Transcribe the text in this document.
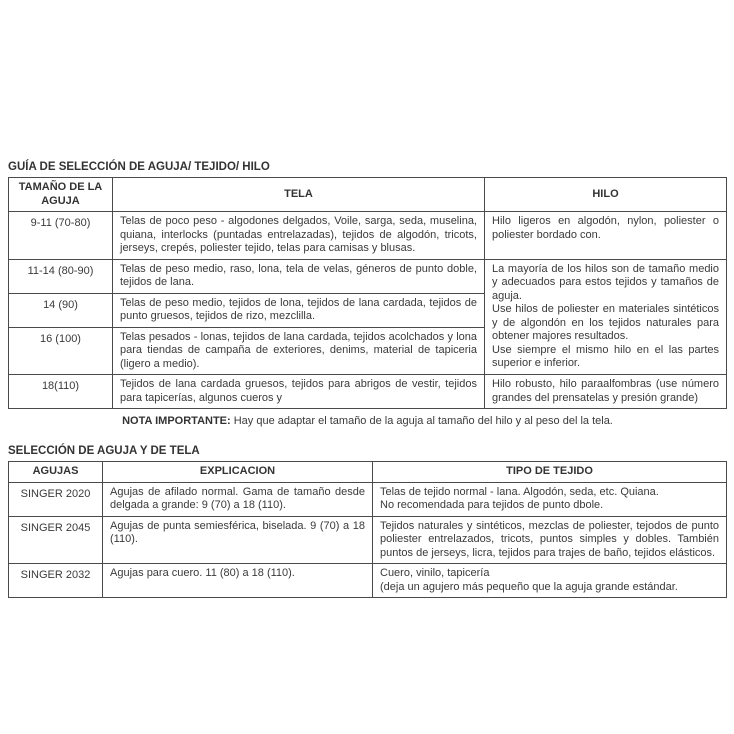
GUÍA DE SELECCIÓN DE AGUJA/ TEJIDO/ HILO
TAMAÑO DE LA AGUJA	TELA	HILO
9-11 (70-80)	Telas de poco peso - algodones delgados, Voile, sarga, seda, muselina, quiana, interlocks (puntadas entrelazadas), tejidos de algodón, tricots, jerseys, crepés, poliester tejido, telas para camisas y blusas.	Hilo ligeros en algodón, nylon, poliester o poliester bordado con.
11-14 (80-90)	Telas de peso medio, raso, lona, tela de velas, géneros de punto doble, tejidos de lana.	La mayoría de los hilos son de tamaño medio y adecuados para estos tejidos y tamaños de aguja.
Use hilos de poliester en materiales sintéticos y de algondón en los tejidos naturales para obtener majores resultados.
Use siempre el mismo hilo en el las partes superior e inferior.

14 (90)	Telas de peso medio, tejidos de lona, tejidos de lana cardada, tejidos de punto gruesos, tejidos de rizo, mezclilla.	
16 (100)	Telas pesados - lonas, tejidos de lana cardada, tejidos acolchados y lona para tiendas de campaña de exteriores, denims, material de tapiceria (ligero a medio).	
18(110)	Tejidos de lana cardada gruesos, tejidos para abrigos de vestir, tejidos para tapicerías, algunos cueros y	Hilo robusto, hilo paraalfombras (use número grandes del prensatelas y presión grande)
NOTA IMPORTANTE: Hay que adaptar el tamaño de la aguja al tamaño del hilo y al peso del la tela.
SELECCIÓN DE AGUJA Y DE TELA
AGUJAS	EXPLICACION	TIPO DE TEJIDO
SINGER 2020	Agujas de afilado normal. Gama de tamaño desde delgada a grande: 9 (70) a 18 (110).	Telas de tejido normal - lana. Algodón, seda, etc. Quiana.
No recomendada para tejidos de punto dbole.

SINGER 2045	Agujas de punta semiesférica, biselada. 9 (70) a 18 (110).	Tejidos naturales y sintéticos, mezclas de poliester, tejodos de punto poliester entrelazados, tricots, puntos simples y dobles. También puntos de jerseys, licra, tejidos para trajes de baño, tejidos elásticos.

SINGER 2032	Agujas para cuero. 11 (80) a 18 (110).	Cuero, vinilo, tapicería
(deja un agujero más pequeño que la aguja grande estándar.
